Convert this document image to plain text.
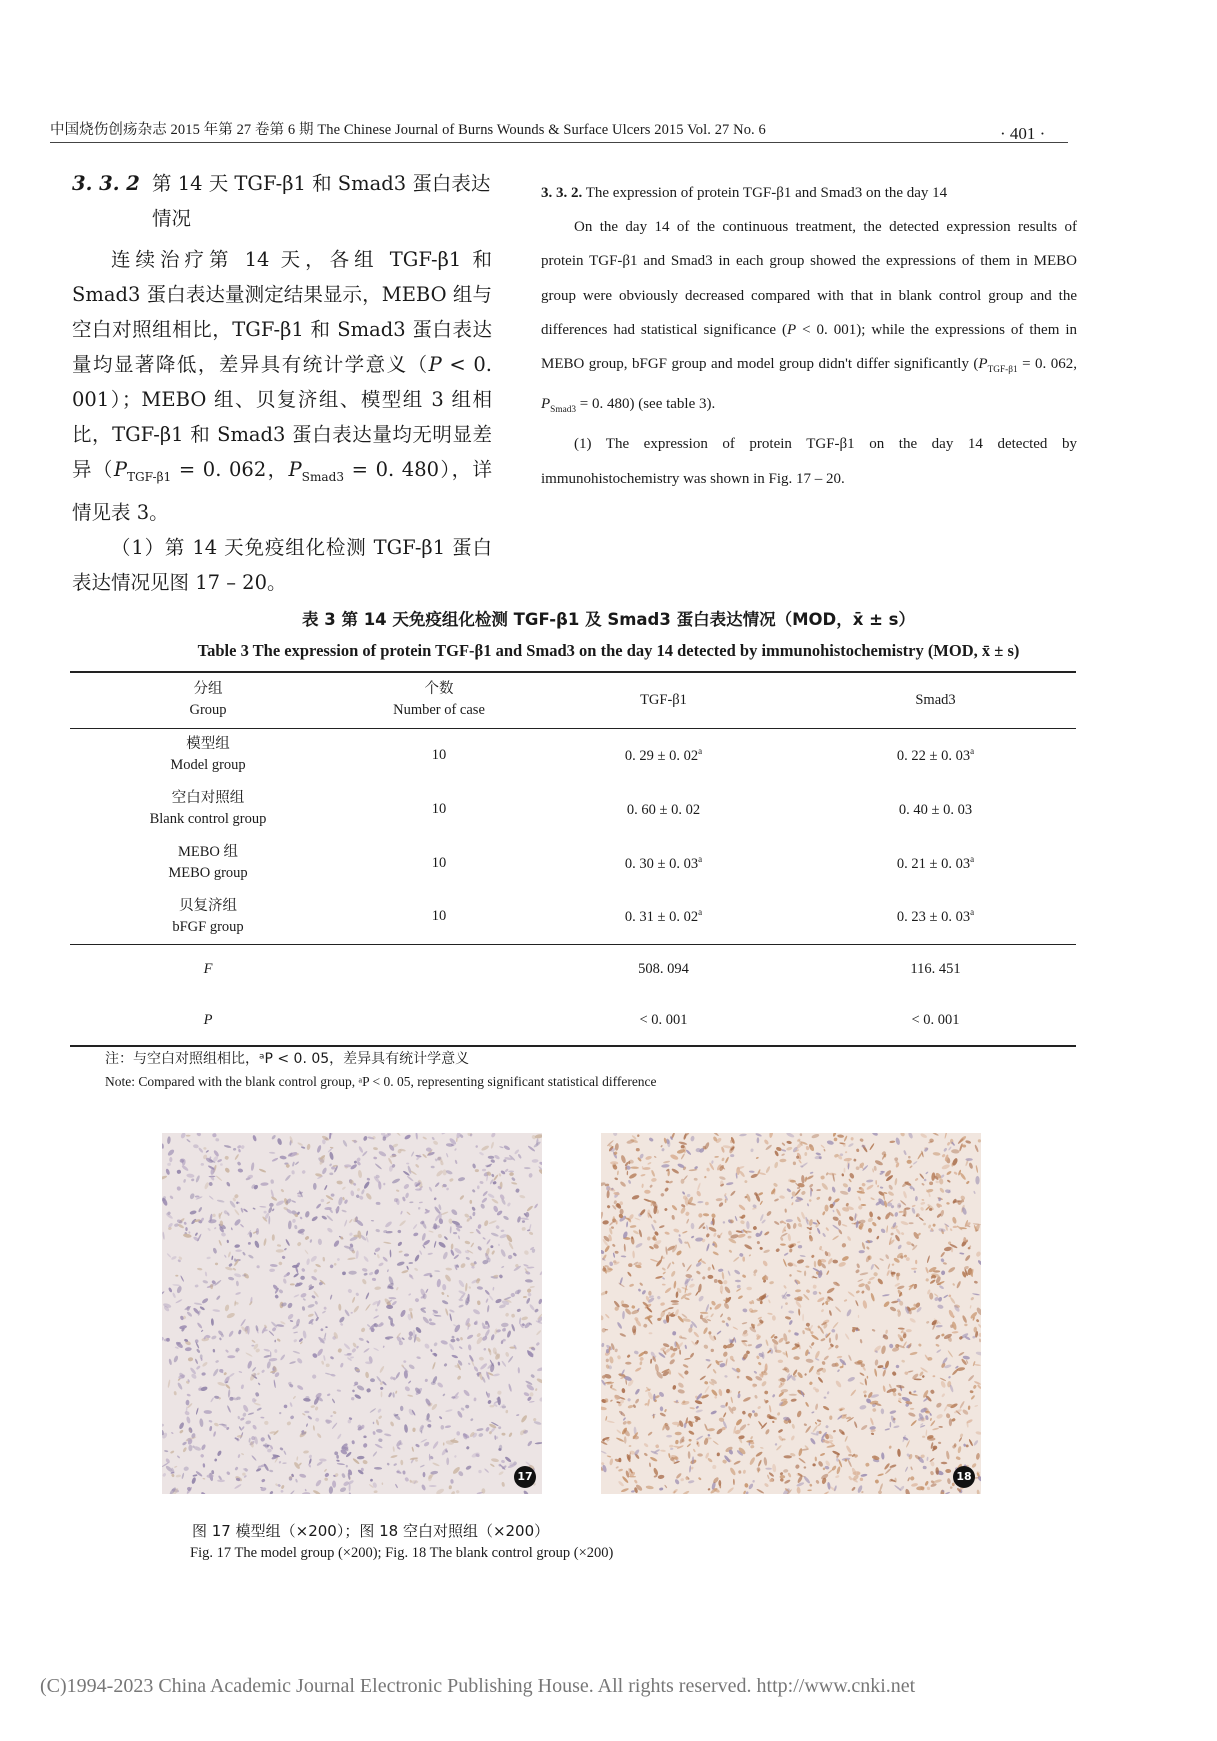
中国烧伤创疡杂志 2015 年第 27 卷第 6 期 The Chinese Journal of Burns Wounds & Surface Ulcers 2015 Vol. 27 No. 6	· 401 ·
3. 3. 2 第 14 天 TGF-β1 和 Smad3 蛋白表达情况

连续治疗第 14 天，各组 TGF-β1 和 Smad3 蛋白表达量测定结果显示，MEBO 组与空白对照组相比，TGF-β1 和 Smad3 蛋白表达量均显著降低，差异具有统计学意义（P < 0. 001）；MEBO 组、贝复济组、模型组 3 组相比，TGF-β1 和 Smad3 蛋白表达量均无明显差异（$P_{TGF-\beta 1} = 0$. 062，$P_{Smad3} = 0$. 480），详情见表 3。

（1）第 14 天免疫组化检测 TGF-β1 蛋白表达情况见图 17 – 20。

3. 3. 2. The expression of protein TGF-β1 and Smad3 on the day 14

On the day 14 of the continuous treatment, the detected expression results of protein TGF-β1 and Smad3 in each group showed the expressions of them in MEBO group were obviously decreased compared with that in blank control group and the differences had statistical significance (P < 0. 001); while the expressions of them in MEBO group, bFGF group and model group didn't differ significantly ($P_{TGF-\beta 1} = 0$. 062, $P_{Smad3} = 0$. 480) (see table 3).

(1) The expression of protein TGF-β1 on the day 14 detected by immunohistochemistry was shown in Fig. 17 – 20.

表 3 第 14 天免疫组化检测 TGF-β1 及 Smad3 蛋白表达情况（MOD，x̄ ± s）
Table 3 The expression of protein TGF-β1 and Smad3 on the day 14 detected by immunohistochemistry (MOD, x̄ ± s)
分组
Group	个数
Number of case	TGF-β1	Smad3

模型组
Model group	10	0. 29 ± 0. 02$^a$	0. 22 ± 0. 03$^a$

空白对照组
Blank control group	10	0. 60 ± 0. 02	0. 40 ± 0. 03

MEBO 组
MEBO group	10	0. 30 ± 0. 03$^a$	0. 21 ± 0. 03$^a$

贝复济组
bFGF group	10	0. 31 ± 0. 02$^a$	0. 23 ± 0. 03$^a$
F		508. 094	116. 451
P		< 0. 001	< 0. 001
注：与空白对照组相比，ᵃP < 0. 05，差异具有统计学意义
Note: Compared with the blank control group, ᵃP < 0. 05, representing significant statistical difference
17	18
图 17 模型组（×200）；图 18 空白对照组（×200）
Fig. 17 The model group (×200); Fig. 18 The blank control group (×200)
(C)1994-2023 China Academic Journal Electronic Publishing House. All rights reserved. http://www.cnki.net
